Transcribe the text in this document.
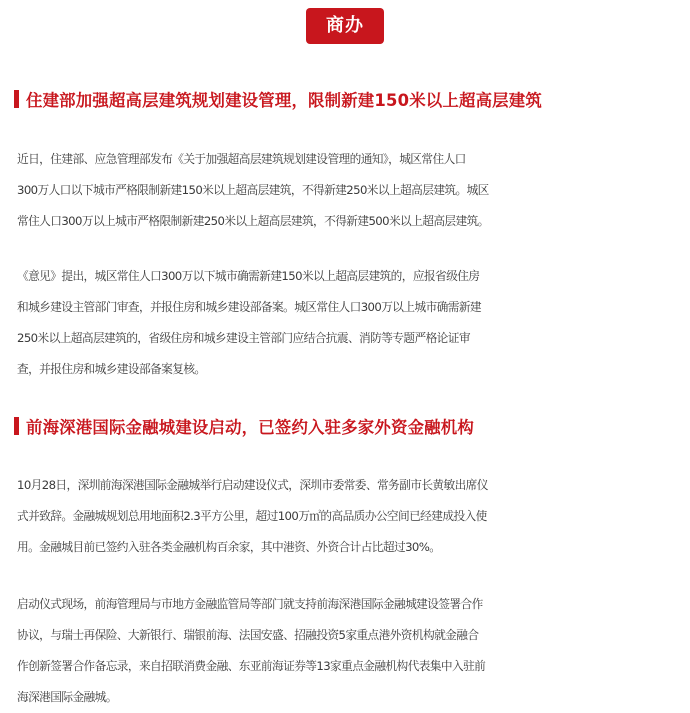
商办
住建部加强超高层建筑规划建设管理，限制新建150米以上超高层建筑
近日，住建部、应急管理部发布《关于加强超高层建筑规划建设管理的通知》，城区常住人口
300万人口以下城市严格限制新建150米以上超高层建筑，不得新建250米以上超高层建筑。城区
常住人口300万以上城市严格限制新建250米以上超高层建筑，不得新建500米以上超高层建筑。
《意见》提出，城区常住人口300万以下城市确需新建150米以上超高层建筑的，应报省级住房
和城乡建设主管部门审查，并报住房和城乡建设部备案。城区常住人口300万以上城市确需新建
250米以上超高层建筑的，省级住房和城乡建设主管部门应结合抗震、消防等专题严格论证审
查，并报住房和城乡建设部备案复核。
前海深港国际金融城建设启动，已签约入驻多家外资金融机构
10月28日，深圳前海深港国际金融城举行启动建设仪式，深圳市委常委、常务副市长黄敏出席仪
式并致辞。金融城规划总用地面积2.3平方公里，超过100万㎡的高品质办公空间已经建成投入使
用。金融城目前已签约入驻各类金融机构百余家，其中港资、外资合计占比超过30%。
启动仪式现场，前海管理局与市地方金融监管局等部门就支持前海深港国际金融城建设签署合作
协议，与瑞士再保险、大新银行、瑞银前海、法国安盛、招融投资5家重点港外资机构就金融合
作创新签署合作备忘录，来自招联消费金融、东亚前海证券等13家重点金融机构代表集中入驻前
海深港国际金融城。
